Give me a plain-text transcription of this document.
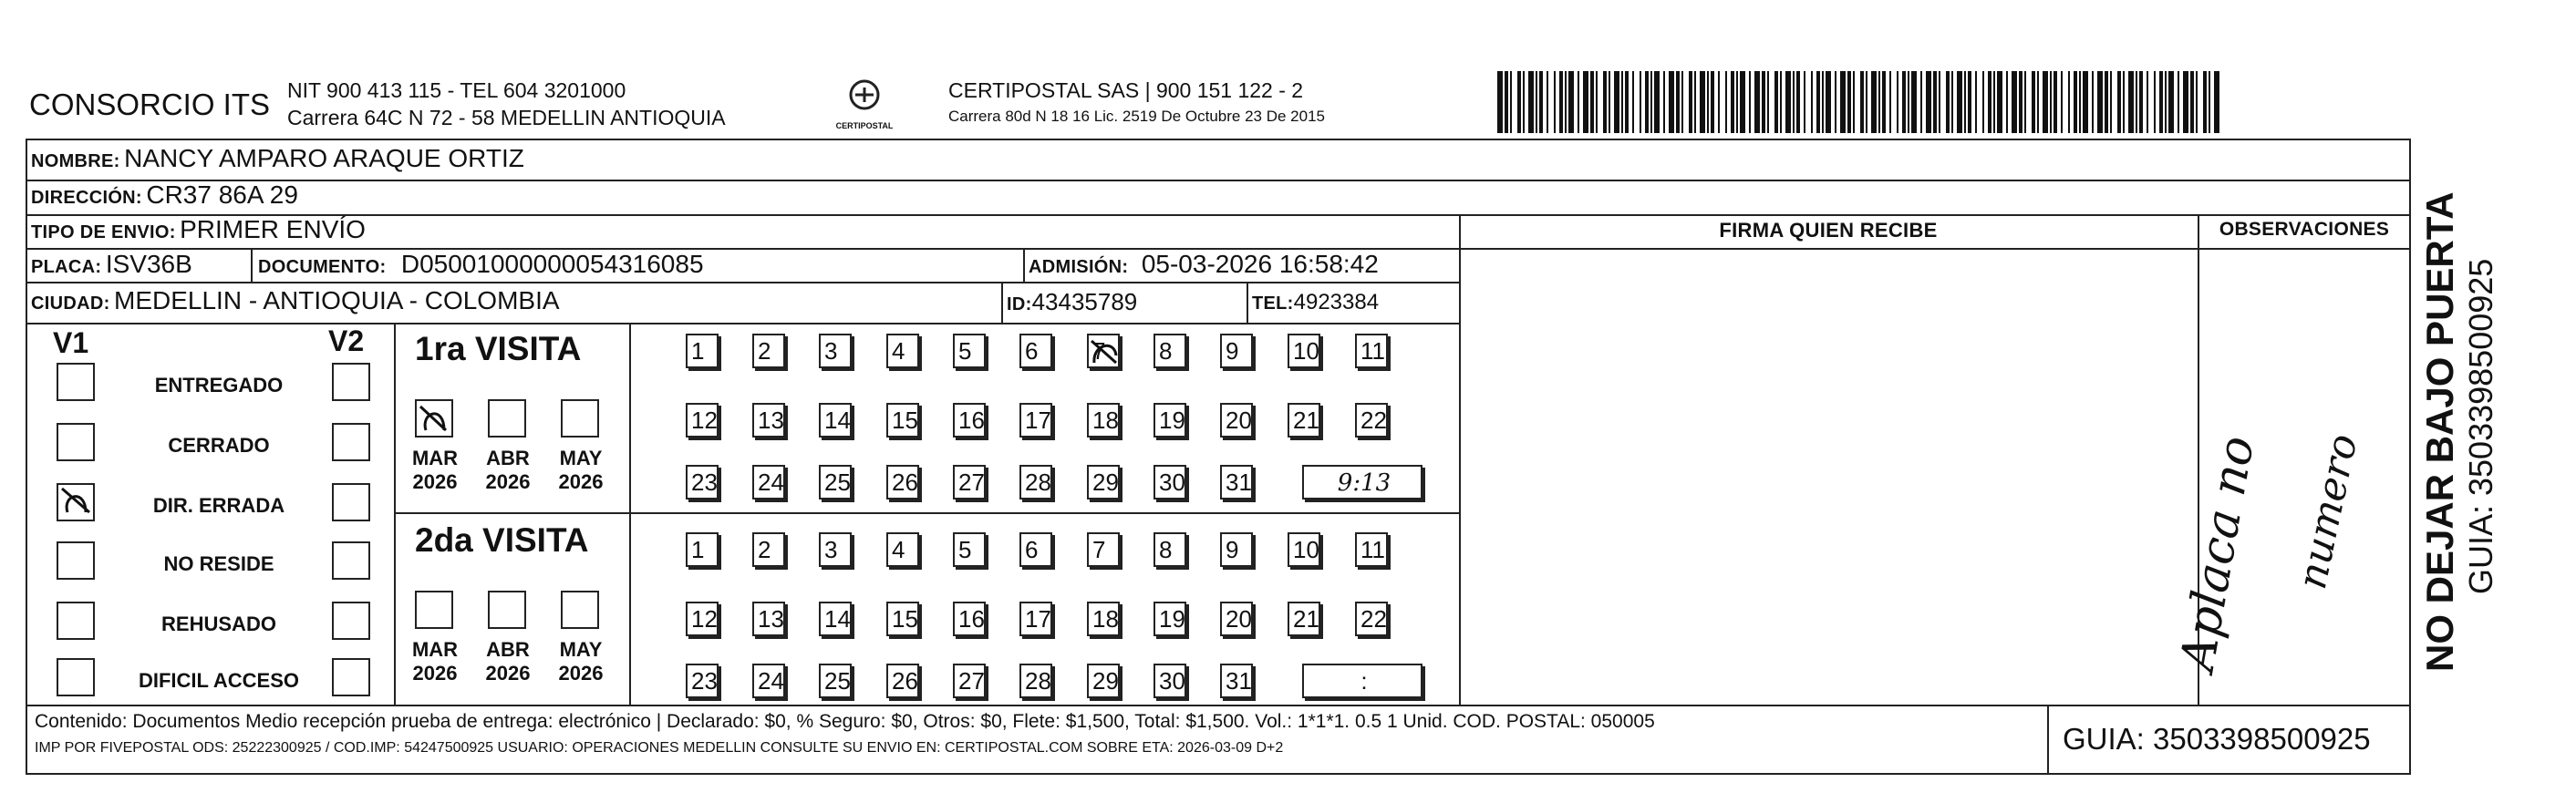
CONSORCIO ITS NIT 900 413 115 - TEL 604 3201000
Carrera 64C N 72 - 58 MEDELLIN ANTIOQUIA	CERTIPOSTAL
CERTIPOSTAL SAS | 900 151 122 - 2
Carrera 80d N 18 16 Lic. 2519 De Octubre 23 De 2015
NOMBRE: NANCY AMPARO ARAQUE ORTIZ
DIRECCIÓN: CR37 86A 29
TIPO DE ENVIO: PRIMER ENVÍO
PLACA: ISV36B	DOCUMENTO: D05001000000054316085	ADMISIÓN: 05-03-2026 16:58:42
CIUDAD: MEDELLIN - ANTIOQUIA - COLOMBIA	ID:43435789	TEL:4923384
FIRMA QUIEN RECIBE	OBSERVACIONES
Aplaca no numero
V1	V2
ENTREGADO
CERRADO
DIR. ERRADA
NO RESIDE
REHUSADO
DIFICIL ACCESO
1ra VISITA
MAR
2026
ABR
2026
MAY
2026
1	2	3	4	5	6	7	8	9	10 11
12 13 14 15 16 17 18 19 20 21 22
23 24 25 26 27 28 29 30 31	9:13
2da VISITA
MAR
2026
ABR
2026
MAY
2026
1	2	3	4	5	6	7	8	9	10 11
12 13 14 15 16 17 18 19 20 21 22
23 24 25 26 27 28 29 30 31	:
Contenido: Documentos Medio recepción prueba de entrega: electrónico | Declarado: $0, % Seguro: $0, Otros: $0, Flete: $1,500, Total: $1,500. Vol.: 1*1*1. 0.5 1 Unid. COD. POSTAL: 050005
IMP POR FIVEPOSTAL ODS: 25222300925 / COD.IMP: 54247500925 USUARIO: OPERACIONES MEDELLIN CONSULTE SU ENVIO EN: CERTIPOSTAL.COM SOBRE ETA: 2026-03-09 D+2	GUIA: 3503398500925
NO DEJAR BAJO PUERTA GUIA: 3503398500925
